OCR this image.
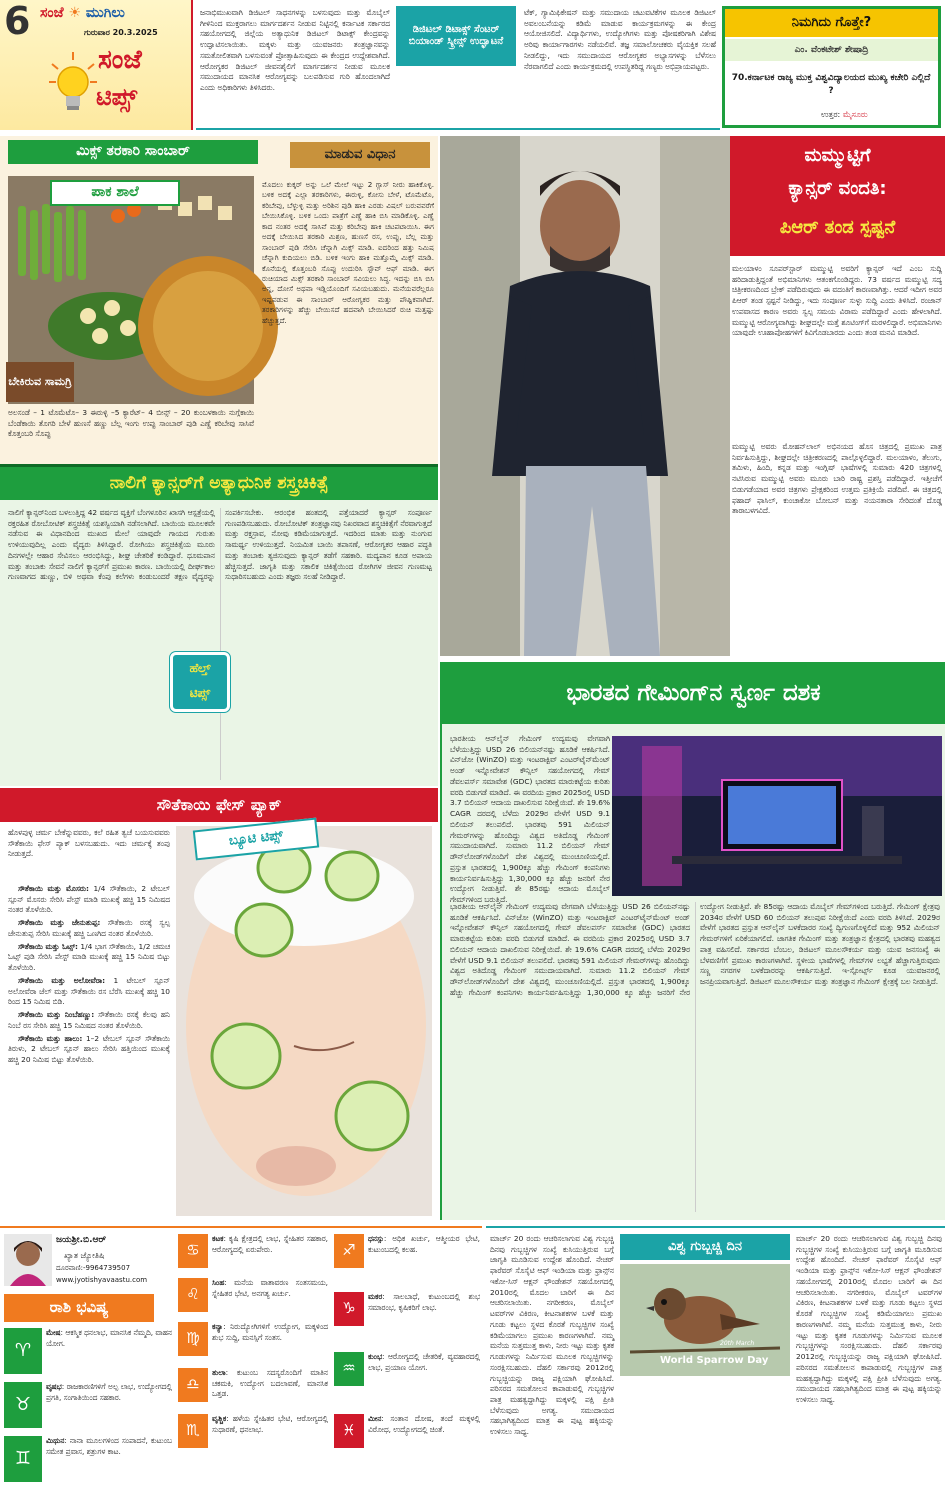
6 ಸಂಜೆ ☀ ಮುಗಿಲು
ಗುರುವಾರ 20.3.2025
ಸಂಜೆ
ಟಿಪ್ಸ್
ಜನಾಭಿಮುಖವಾಗಿ ಡಿಜಿಟಲ್ ಸಾಧನಗಳನ್ನು ಬಳಸುವುದು ಮತ್ತು ಮೊಬೈಲ್ ಗೀಳಿನಿಂದ ಮುಕ್ತರಾಗಲು ಮಾರ್ಗದರ್ಶನ ನೀಡುವ ನಿಟ್ಟಿನಲ್ಲಿ ಕರ್ನಾಟಕ ಸರ್ಕಾರದ ಸಹಯೋಗದಲ್ಲಿ ಜಿಲ್ಲೆಯ ಅತ್ಯಾಧುನಿಕ ಡಿಜಿಟಲ್ ಡಿಟಾಕ್ಸ್ ಕೇಂದ್ರವನ್ನು ಉದ್ಘಾಟಿಸಲಾಯಿತು. ಮಕ್ಕಳು ಮತ್ತು ಯುವಜನರು ತಂತ್ರಜ್ಞಾನವನ್ನು ಸಮತೋಲಿತವಾಗಿ ಬಳಸುವಂತೆ ಪ್ರೋತ್ಸಾಹಿಸುವುದು ಈ ಕೇಂದ್ರದ ಉದ್ದೇಶವಾಗಿದೆ. ಆರೋಗ್ಯಕರ ಡಿಜಿಟಲ್ ಜೀವನಶೈಲಿಗೆ ಮಾರ್ಗದರ್ಶನ ನೀಡುವ ಮೂಲಕ ಸಮುದಾಯದ ಮಾನಸಿಕ ಆರೋಗ್ಯವನ್ನು ಬಲಪಡಿಸುವ ಗುರಿ ಹೊಂದಲಾಗಿದೆ ಎಂದು ಅಧಿಕಾರಿಗಳು ತಿಳಿಸಿದರು.
ಡಿಜಿಟಲ್ ಡಿಟಾಕ್ಸ್ ಸೆಂಟರ್ ಬಿಯಾಂಡ್ ಸ್ಕ್ರೀನ್ಸ್ ಉದ್ಘಾಟನೆ
ಟೆಕ್, ಗ್ಯಾಮಿಫಿಕೇಷನ್ ಮತ್ತು ಸಮುದಾಯ ಚಟುವಟಿಕೆಗಳ ಮೂಲಕ ಡಿಜಿಟಲ್ ಅವಲಂಬನೆಯನ್ನು ಕಡಿಮೆ ಮಾಡುವ ಕಾರ್ಯಕ್ರಮಗಳನ್ನು ಈ ಕೇಂದ್ರ ಆಯೋಜಿಸಲಿದೆ. ವಿದ್ಯಾರ್ಥಿಗಳು, ಉದ್ಯೋಗಿಗಳು ಮತ್ತು ಪೋಷಕರಿಗಾಗಿ ವಿಶೇಷ ಅರಿವು ಕಾರ್ಯಾಗಾರಗಳು ನಡೆಯಲಿವೆ. ತಜ್ಞ ಸಮಾಲೋಚಕರು ವೈಯಕ್ತಿಕ ಸಲಹೆ ನೀಡಲಿದ್ದು, ಇದು ಸಮುದಾಯದ ಆರೋಗ್ಯಕರ ಅಭ್ಯಾಸಗಳನ್ನು ಬೆಳೆಸಲು ನೆರವಾಗಲಿದೆ ಎಂದು ಕಾರ್ಯಕ್ರಮದಲ್ಲಿ ಉಪಸ್ಥಿತರಿದ್ದ ಗಣ್ಯರು ಅಭಿಪ್ರಾಯಪಟ್ಟರು.
ನಿಮಗಿದು ಗೊತ್ತೇ?
ಎಂ. ವೆಂಕಟೇಶ್ ಶೇಷಾದ್ರಿ
70.ಕರ್ನಾಟಕ ರಾಜ್ಯ ಮುಕ್ತ ವಿಶ್ವವಿದ್ಯಾಲಯದ ಮುಖ್ಯ ಕಚೇರಿ ಎಲ್ಲಿದೆ ?
ಉತ್ತರ: ಮೈಸೂರು
ಮಿಕ್ಸ್ ತರಕಾರಿ ಸಾಂಬಾರ್	ಮಾಡುವ ವಿಧಾನ
ಪಾಕ ಶಾಲೆ
ಬೇಕಿರುವ ಸಾಮಗ್ರಿ
ಮೊದಲು ಕುಕ್ಕರ್ ಅನ್ನು ಒಲೆ ಮೇಲೆ ಇಟ್ಟು 2 ಗ್ಲಾಸ್ ನೀರು ಹಾಕಿಕೊಳ್ಳಿ. ಬಳಿಕ ಅದಕ್ಕೆ ಎಲ್ಲಾ ತರಕಾರಿಗಳು, ಈರುಳ್ಳಿ, ಕೋಸು ಬೇಳೆ, ಟೊಮೆಟೊ, ಕರಿಬೇವು, ಬೆಳ್ಳುಳ್ಳಿ ಮತ್ತು ಅರಿಶಿನ ಪುಡಿ ಹಾಕಿ ಎರಡು ವಿಷಲ್ ಬರುವವರೆಗೆ ಬೇಯಿಸಿಕೊಳ್ಳಿ. ಬಳಿಕ ಒಂದು ಪಾತ್ರೆಗೆ ಎಣ್ಣೆ ಹಾಕಿ ಬಿಸಿ ಮಾಡಿಕೊಳ್ಳಿ. ಎಣ್ಣೆ ಕಾದ ನಂತರ ಅದಕ್ಕೆ ಸಾಸಿವೆ ಮತ್ತು ಕರಿಬೇವು ಹಾಕಿ ಚಟಪಟಾಯಿಸಿ. ಈಗ ಅದಕ್ಕೆ ಬೇಯಿಸಿದ ತರಕಾರಿ ಮಿಶ್ರಣ, ಹುಣಸೆ ರಸ, ಉಪ್ಪು, ಬೆಲ್ಲ ಮತ್ತು ಸಾಂಬಾರ್ ಪುಡಿ ಸೇರಿಸಿ ಚೆನ್ನಾಗಿ ಮಿಕ್ಸ್ ಮಾಡಿ. ಐದರಿಂದ ಹತ್ತು ನಿಮಿಷ ಚೆನ್ನಾಗಿ ಕುದಿಯಲು ಬಿಡಿ. ಬಳಿಕ ಇಂಗು ಹಾಕಿ ಮತ್ತೊಮ್ಮೆ ಮಿಕ್ಸ್ ಮಾಡಿ. ಕೊನೆಯಲ್ಲಿ ಕೊತ್ತಂಬರಿ ಸೊಪ್ಪು ಉದುರಿಸಿ ಸ್ಟೌವ್ ಆಫ್ ಮಾಡಿ. ಈಗ ರುಚಿಯಾದ ಮಿಕ್ಸ್ ತರಕಾರಿ ಸಾಂಬಾರ್ ಸವಿಯಲು ಸಿದ್ಧ. ಇದನ್ನು ಬಿಸಿ ಬಿಸಿ ಅನ್ನ, ದೋಸೆ ಅಥವಾ ಇಡ್ಲಿಯೊಂದಿಗೆ ಸವಿಯಬಹುದು. ಮನೆಯವರೆಲ್ಲರೂ ಇಷ್ಟಪಡುವ ಈ ಸಾಂಬಾರ್ ಆರೋಗ್ಯಕರ ಮತ್ತು ಪೌಷ್ಟಿಕವಾಗಿದೆ. ತರಕಾರಿಗಳನ್ನು ಹೆಚ್ಚು ಬೇಯಿಸದೆ ಹದವಾಗಿ ಬೇಯಿಸಿದರೆ ರುಚಿ ಮತ್ತಷ್ಟು ಹೆಚ್ಚುತ್ತದೆ.
ಅಲಸಂಡೆ – 1 ಟೊಮೆಟೊ– 3 ಈರುಳ್ಳಿ –5 ಕ್ಯಾರೆಟ್– 4 ಬೀನ್ಸ್ – 20 ಕುಂಬಳಕಾಯಿ ನುಗ್ಗೆಕಾಯಿ ಬೆಂಡೆಕಾಯಿ ತೊಗರಿ ಬೇಳೆ ಹುಣಸೆ ಹಣ್ಣು ಬೆಲ್ಲ ಇಂಗು ಉಪ್ಪು ಸಾಂಬಾರ್ ಪುಡಿ ಎಣ್ಣೆ ಕರಿಬೇವು ಸಾಸಿವೆ ಕೊತ್ತಂಬರಿ ಸೊಪ್ಪು
ನಾಲಿಗೆ ಕ್ಯಾನ್ಸರ್‌ಗೆ ಅತ್ಯಾಧುನಿಕ ಶಸ್ತ್ರಚಿಕಿತ್ಸೆ
ನಾಲಿಗೆ ಕ್ಯಾನ್ಸರ್‌ನಿಂದ ಬಳಲುತ್ತಿದ್ದ 42 ವರ್ಷದ ವ್ಯಕ್ತಿಗೆ ಬೆಂಗಳೂರಿನ ಖಾಸಗಿ ಆಸ್ಪತ್ರೆಯಲ್ಲಿ ರಕ್ತರಹಿತ ರೋಬೋಟಿಕ್ ಶಸ್ತ್ರಚಿಕಿತ್ಸೆ ಯಶಸ್ವಿಯಾಗಿ ನಡೆಸಲಾಗಿದೆ. ಬಾಯಿಯ ಮೂಲಕವೇ ನಡೆಸುವ ಈ ವಿಧಾನದಿಂದ ಮುಖದ ಮೇಲೆ ಯಾವುದೇ ಗಾಯದ ಗುರುತು ಉಳಿಯುವುದಿಲ್ಲ ಎಂದು ವೈದ್ಯರು ತಿಳಿಸಿದ್ದಾರೆ. ರೋಗಿಯು ಶಸ್ತ್ರಚಿಕಿತ್ಸೆಯ ಮೂರು ದಿನಗಳಲ್ಲೇ ಆಹಾರ ಸೇವಿಸಲು ಆರಂಭಿಸಿದ್ದು, ಶೀಘ್ರ ಚೇತರಿಕೆ ಕಂಡಿದ್ದಾರೆ. ಧೂಮಪಾನ ಮತ್ತು ತಂಬಾಕು ಸೇವನೆ ನಾಲಿಗೆ ಕ್ಯಾನ್ಸರ್‌ಗೆ ಪ್ರಮುಖ ಕಾರಣ. ಬಾಯಿಯಲ್ಲಿ ದೀರ್ಘಕಾಲ ಗುಣವಾಗದ ಹುಣ್ಣು, ಬಿಳಿ ಅಥವಾ ಕೆಂಪು ಕಲೆಗಳು ಕಂಡುಬಂದರೆ ತಕ್ಷಣ ವೈದ್ಯರನ್ನು ಸಂಪರ್ಕಿಸಬೇಕು. ಆರಂಭಿಕ ಹಂತದಲ್ಲಿ ಪತ್ತೆಯಾದರೆ ಕ್ಯಾನ್ಸರ್ ಸಂಪೂರ್ಣ ಗುಣಪಡಿಸಬಹುದು. ರೋಬೋಟಿಕ್ ತಂತ್ರಜ್ಞಾನವು ನಿಖರವಾದ ಶಸ್ತ್ರಚಿಕಿತ್ಸೆಗೆ ನೆರವಾಗುತ್ತದೆ ಮತ್ತು ರಕ್ತಸ್ರಾವ, ನೋವು ಕಡಿಮೆಯಾಗುತ್ತದೆ. ಇದರಿಂದ ಮಾತು ಮತ್ತು ನುಂಗುವ ಸಾಮರ್ಥ್ಯ ಉಳಿಯುತ್ತದೆ. ನಿಯಮಿತ ಬಾಯಿ ತಪಾಸಣೆ, ಆರೋಗ್ಯಕರ ಆಹಾರ ಪದ್ಧತಿ ಮತ್ತು ತಂಬಾಕು ತ್ಯಜಿಸುವುದು ಕ್ಯಾನ್ಸರ್ ತಡೆಗೆ ಸಹಕಾರಿ. ಮದ್ಯಪಾನ ಕೂಡ ಅಪಾಯ ಹೆಚ್ಚಿಸುತ್ತದೆ. ಜಾಗೃತಿ ಮತ್ತು ಸಕಾಲಿಕ ಚಿಕಿತ್ಸೆಯಿಂದ ರೋಗಿಗಳ ಜೀವನ ಗುಣಮಟ್ಟ ಸುಧಾರಿಸಬಹುದು ಎಂದು ತಜ್ಞರು ಸಲಹೆ ನೀಡಿದ್ದಾರೆ.
ಹೆಲ್ತ್
ಟಿಪ್ಸ್
ಸೌತೆಕಾಯಿ ಫೇಸ್ ಪ್ಯಾಕ್
ಹೊಳಪುಳ್ಳ ಚರ್ಮ ಬೇಕೆನ್ನುವವರು, ಕಲೆ ರಹಿತ ತ್ವಚೆ ಬಯಸುವವರು ಸೌತೆಕಾಯಿ ಫೇಸ್ ಪ್ಯಾಕ್ ಬಳಸಬಹುದು. ಇದು ಚರ್ಮಕ್ಕೆ ತಂಪು ನೀಡುತ್ತದೆ.

ಸೌತೆಕಾಯಿ ಮತ್ತು ಮೊಸರು: 1/4 ಸೌತೆಕಾಯಿ, 2 ಟೇಬಲ್ ಸ್ಪೂನ್ ಮೊಸರು ಸೇರಿಸಿ ಪೇಸ್ಟ್ ಮಾಡಿ ಮುಖಕ್ಕೆ ಹಚ್ಚಿ 15 ನಿಮಿಷದ ನಂತರ ತೊಳೆಯಿರಿ.

ಸೌತೆಕಾಯಿ ಮತ್ತು ಜೇನುತುಪ್ಪ: ಸೌತೆಕಾಯಿ ರಸಕ್ಕೆ ಸ್ವಲ್ಪ ಜೇನುತುಪ್ಪ ಸೇರಿಸಿ ಮುಖಕ್ಕೆ ಹಚ್ಚಿ ಒಣಗಿದ ನಂತರ ತೊಳೆಯಿರಿ.

ಸೌತೆಕಾಯಿ ಮತ್ತು ಓಟ್ಸ್: 1/4 ಭಾಗ ಸೌತೆಕಾಯಿ, 1/2 ಚಮಚ ಓಟ್ಸ್ ಪುಡಿ ಸೇರಿಸಿ ಪೇಸ್ಟ್ ಮಾಡಿ ಮುಖಕ್ಕೆ ಹಚ್ಚಿ 15 ನಿಮಿಷ ಬಿಟ್ಟು ತೊಳೆಯಿರಿ.

ಸೌತೆಕಾಯಿ ಮತ್ತು ಅಲೋವೆರಾ: 1 ಟೇಬಲ್ ಸ್ಪೂನ್ ಅಲೋವೆರಾ ಜೆಲ್ ಮತ್ತು ಸೌತೆಕಾಯಿ ರಸ ಬೆರೆಸಿ ಮುಖಕ್ಕೆ ಹಚ್ಚಿ 10 ರಿಂದ 15 ನಿಮಿಷ ಬಿಡಿ.

ಸೌತೆಕಾಯಿ ಮತ್ತು ನಿಂಬೆಹಣ್ಣು: ಸೌತೆಕಾಯಿ ರಸಕ್ಕೆ ಕೆಲವು ಹನಿ ನಿಂಬೆ ರಸ ಸೇರಿಸಿ ಹಚ್ಚಿ 15 ನಿಮಿಷದ ನಂತರ ತೊಳೆಯಿರಿ.

ಸೌತೆಕಾಯಿ ಮತ್ತು ಹಾಲು: 1–2 ಟೇಬಲ್ ಸ್ಪೂನ್ ಸೌತೆಕಾಯಿ ತಿರುಳು, 2 ಟೇಬಲ್ ಸ್ಪೂನ್ ಹಾಲು ಸೇರಿಸಿ ಹತ್ತಿಯಿಂದ ಮುಖಕ್ಕೆ ಹಚ್ಚಿ 20 ನಿಮಿಷ ಬಿಟ್ಟು ತೊಳೆಯಿರಿ.

ಬ್ಯೂಟಿ ಟಿಪ್ಸ್
ಮಮ್ಮುಟ್ಟಿಗೆ
ಕ್ಯಾನ್ಸರ್ ವಂದತಿ:
ಪಿಆರ್ ತಂಡ ಸ್ಪಷ್ಟನೆ
ಮಲಯಾಳಂ ಸೂಪರ್‌ಸ್ಟಾರ್ ಮಮ್ಮುಟ್ಟಿ ಅವರಿಗೆ ಕ್ಯಾನ್ಸರ್ ಇದೆ ಎಂಬ ಸುದ್ದಿ ಹರಿದಾಡುತ್ತಿದ್ದಂತೆ ಅಭಿಮಾನಿಗಳು ಆತಂಕಗೊಂಡಿದ್ದರು. 73 ವರ್ಷದ ಮಮ್ಮುಟ್ಟಿ ಸದ್ಯ ಚಿತ್ರೀಕರಣದಿಂದ ಬ್ರೇಕ್ ಪಡೆದಿರುವುದು ಈ ವದಂತಿಗೆ ಕಾರಣವಾಗಿತ್ತು. ಆದರೆ ಇದೀಗ ಅವರ ಪಿಆರ್ ತಂಡ ಸ್ಪಷ್ಟನೆ ನೀಡಿದ್ದು, ಇದು ಸಂಪೂರ್ಣ ಸುಳ್ಳು ಸುದ್ದಿ ಎಂದು ತಿಳಿಸಿದೆ. ರಂಜಾನ್ ಉಪವಾಸದ ಕಾರಣ ಅವರು ಸ್ವಲ್ಪ ಸಮಯ ವಿರಾಮ ಪಡೆದಿದ್ದಾರೆ ಎಂದು ಹೇಳಲಾಗಿದೆ. ಮಮ್ಮುಟ್ಟಿ ಆರೋಗ್ಯವಾಗಿದ್ದು ಶೀಘ್ರದಲ್ಲೇ ಮತ್ತೆ ಶೂಟಿಂಗ್‌ಗೆ ಮರಳಲಿದ್ದಾರೆ. ಅಭಿಮಾನಿಗಳು ಯಾವುದೇ ಊಹಾಪೋಹಗಳಿಗೆ ಕಿವಿಗೊಡಬಾರದು ಎಂದು ತಂಡ ಮನವಿ ಮಾಡಿದೆ.
ಮಮ್ಮುಟ್ಟಿ ಅವರು ಮೋಹನ್‌ಲಾಲ್ ಅಭಿನಯದ ಹೊಸ ಚಿತ್ರದಲ್ಲಿ ಪ್ರಮುಖ ಪಾತ್ರ ನಿರ್ವಹಿಸುತ್ತಿದ್ದು, ಶೀಘ್ರದಲ್ಲೇ ಚಿತ್ರೀಕರಣದಲ್ಲಿ ಪಾಲ್ಗೊಳ್ಳಲಿದ್ದಾರೆ. ಮಲಯಾಳಂ, ತೆಲುಗು, ತಮಿಳು, ಹಿಂದಿ, ಕನ್ನಡ ಮತ್ತು ಇಂಗ್ಲಿಷ್ ಭಾಷೆಗಳಲ್ಲಿ ಸುಮಾರು 420 ಚಿತ್ರಗಳಲ್ಲಿ ನಟಿಸಿರುವ ಮಮ್ಮುಟ್ಟಿ ಅವರು ಮೂರು ಬಾರಿ ರಾಷ್ಟ್ರ ಪ್ರಶಸ್ತಿ ಪಡೆದಿದ್ದಾರೆ. ಇತ್ತೀಚೆಗೆ ಬಿಡುಗಡೆಯಾದ ಅವರ ಚಿತ್ರಗಳು ಪ್ರೇಕ್ಷಕರಿಂದ ಉತ್ತಮ ಪ್ರತಿಕ್ರಿಯೆ ಪಡೆದಿವೆ. ಈ ಚಿತ್ರದಲ್ಲಿ ಫಹಾದ್ ಫಾಸಿಲ್, ಕುಂಚಾಕೋ ಬೋಬನ್ ಮತ್ತು ನಯನತಾರಾ ಸೇರಿದಂತೆ ದೊಡ್ಡ ತಾರಾಬಳಗವಿದೆ.
ಭಾರತದ ಗೇಮಿಂಗ್‌ನ ಸ್ವರ್ಣ ದಶಕ
ಭಾರತೀಯ ಆನ್‌ಲೈನ್ ಗೇಮಿಂಗ್ ಉದ್ಯಮವು ವೇಗವಾಗಿ ಬೆಳೆಯುತ್ತಿದ್ದು USD 26 ಬಿಲಿಯನ್‌ನಷ್ಟು ಹೂಡಿಕೆ ಆಕರ್ಷಿಸಿದೆ. ವಿನ್‌ಜೋ (WinZO) ಮತ್ತು ಇಂಟರಾಕ್ಟಿವ್ ಎಂಟರ್‌ಟೈನ್‌ಮೆಂಟ್ ಅಂಡ್ ಇನ್ನೋವೇಶನ್ ಕೌನ್ಸಿಲ್ ಸಹಯೋಗದಲ್ಲಿ ಗೇಮ್ ಡೆವಲಪರ್ಸ್ ಸಮಾವೇಶ (GDC) ಭಾರತದ ಮಾರುಕಟ್ಟೆಯ ಕುರಿತು ವರದಿ ಬಿಡುಗಡೆ ಮಾಡಿದೆ. ಈ ವರದಿಯ ಪ್ರಕಾರ 2025ರಲ್ಲಿ USD 3.7 ಬಿಲಿಯನ್ ಆದಾಯ ದಾಖಲಿಸುವ ನಿರೀಕ್ಷೆಯಿದೆ. ಶೇ 19.6% CAGR ದರದಲ್ಲಿ ಬೆಳೆದು 2029ರ ವೇಳೆಗೆ USD 9.1 ಬಿಲಿಯನ್ ತಲುಪಲಿದೆ. ಭಾರತವು 591 ಮಿಲಿಯನ್ ಗೇಮರ್‌ಗಳನ್ನು ಹೊಂದಿದ್ದು ವಿಶ್ವದ ಅತಿದೊಡ್ಡ ಗೇಮಿಂಗ್ ಸಮುದಾಯವಾಗಿದೆ. ಸುಮಾರು 11.2 ಬಿಲಿಯನ್ ಗೇಮ್ ಡೌನ್‌ಲೋಡ್‌ಗಳೊಂದಿಗೆ ದೇಶ ವಿಶ್ವದಲ್ಲಿ ಮುಂಚೂಣಿಯಲ್ಲಿದೆ. ಪ್ರಸ್ತುತ ಭಾರತದಲ್ಲಿ 1,900ಕ್ಕೂ ಹೆಚ್ಚು ಗೇಮಿಂಗ್ ಕಂಪನಿಗಳು ಕಾರ್ಯನಿರ್ವಹಿಸುತ್ತಿದ್ದು 1,30,000 ಕ್ಕೂ ಹೆಚ್ಚು ಜನರಿಗೆ ನೇರ ಉದ್ಯೋಗ ನೀಡುತ್ತಿವೆ. ಶೇ 85ರಷ್ಟು ಆದಾಯ ಮೊಬೈಲ್ ಗೇಮ್‌ಗಳಿಂದ ಬರುತ್ತಿದೆ.
ಭಾರತೀಯ ಆನ್‌ಲೈನ್ ಗೇಮಿಂಗ್ ಉದ್ಯಮವು ವೇಗವಾಗಿ ಬೆಳೆಯುತ್ತಿದ್ದು USD 26 ಬಿಲಿಯನ್‌ನಷ್ಟು ಹೂಡಿಕೆ ಆಕರ್ಷಿಸಿದೆ. ವಿನ್‌ಜೋ (WinZO) ಮತ್ತು ಇಂಟರಾಕ್ಟಿವ್ ಎಂಟರ್‌ಟೈನ್‌ಮೆಂಟ್ ಅಂಡ್ ಇನ್ನೋವೇಶನ್ ಕೌನ್ಸಿಲ್ ಸಹಯೋಗದಲ್ಲಿ ಗೇಮ್ ಡೆವಲಪರ್ಸ್ ಸಮಾವೇಶ (GDC) ಭಾರತದ ಮಾರುಕಟ್ಟೆಯ ಕುರಿತು ವರದಿ ಬಿಡುಗಡೆ ಮಾಡಿದೆ. ಈ ವರದಿಯ ಪ್ರಕಾರ 2025ರಲ್ಲಿ USD 3.7 ಬಿಲಿಯನ್ ಆದಾಯ ದಾಖಲಿಸುವ ನಿರೀಕ್ಷೆಯಿದೆ. ಶೇ 19.6% CAGR ದರದಲ್ಲಿ ಬೆಳೆದು 2029ರ ವೇಳೆಗೆ USD 9.1 ಬಿಲಿಯನ್ ತಲುಪಲಿದೆ. ಭಾರತವು 591 ಮಿಲಿಯನ್ ಗೇಮರ್‌ಗಳನ್ನು ಹೊಂದಿದ್ದು ವಿಶ್ವದ ಅತಿದೊಡ್ಡ ಗೇಮಿಂಗ್ ಸಮುದಾಯವಾಗಿದೆ. ಸುಮಾರು 11.2 ಬಿಲಿಯನ್ ಗೇಮ್ ಡೌನ್‌ಲೋಡ್‌ಗಳೊಂದಿಗೆ ದೇಶ ವಿಶ್ವದಲ್ಲಿ ಮುಂಚೂಣಿಯಲ್ಲಿದೆ. ಪ್ರಸ್ತುತ ಭಾರತದಲ್ಲಿ 1,900ಕ್ಕೂ ಹೆಚ್ಚು ಗೇಮಿಂಗ್ ಕಂಪನಿಗಳು ಕಾರ್ಯನಿರ್ವಹಿಸುತ್ತಿದ್ದು 1,30,000 ಕ್ಕೂ ಹೆಚ್ಚು ಜನರಿಗೆ ನೇರ ಉದ್ಯೋಗ ನೀಡುತ್ತಿವೆ. ಶೇ 85ರಷ್ಟು ಆದಾಯ ಮೊಬೈಲ್ ಗೇಮ್‌ಗಳಿಂದ ಬರುತ್ತಿದೆ. ಗೇಮಿಂಗ್ ಕ್ಷೇತ್ರವು 2034ರ ವೇಳೆಗೆ USD 60 ಬಿಲಿಯನ್ ತಲುಪುವ ನಿರೀಕ್ಷೆಯಿದೆ ಎಂದು ವರದಿ ತಿಳಿಸಿದೆ. 2029ರ ವೇಳೆಗೆ ಭಾರತದ ಪ್ರಸ್ತುತ ಆನ್‌ಲೈನ್ ಬಳಕೆದಾರರ ಸಂಖ್ಯೆ ದ್ವಿಗುಣಗೊಳ್ಳಲಿದೆ ಮತ್ತು 952 ಮಿಲಿಯನ್ ಗೇಮರ್‌ಗಳಿಗೆ ಏರಿಕೆಯಾಗಲಿದೆ. ಜಾಗತಿಕ ಗೇಮಿಂಗ್ ಮತ್ತು ತಂತ್ರಜ್ಞಾನ ಕ್ಷೇತ್ರದಲ್ಲಿ ಭಾರತವು ಮಹತ್ವದ ಪಾತ್ರ ವಹಿಸಲಿದೆ. ಸರ್ಕಾರದ ಬೆಂಬಲ, ಡಿಜಿಟಲ್ ಮೂಲಸೌಕರ್ಯ ಮತ್ತು ಯುವ ಜನಸಂಖ್ಯೆ ಈ ಬೆಳವಣಿಗೆಗೆ ಪ್ರಮುಖ ಕಾರಣಗಳಾಗಿವೆ. ಸ್ಥಳೀಯ ಭಾಷೆಗಳಲ್ಲಿ ಗೇಮ್‌ಗಳ ಲಭ್ಯತೆ ಹೆಚ್ಚಾಗುತ್ತಿರುವುದು ಸಣ್ಣ ನಗರಗಳ ಬಳಕೆದಾರರನ್ನು ಆಕರ್ಷಿಸುತ್ತಿದೆ. ಇ-ಸ್ಪೋರ್ಟ್ಸ್ ಕೂಡ ಯುವಜನರಲ್ಲಿ ಜನಪ್ರಿಯವಾಗುತ್ತಿದೆ. ಡಿಜಿಟಲ್ ಮೂಲಸೌಕರ್ಯ ಮತ್ತು ತಂತ್ರಜ್ಞಾನ ಗೇಮಿಂಗ್ ಕ್ಷೇತ್ರಕ್ಕೆ ಬಲ ನೀಡುತ್ತಿದೆ.
ಜಯಶ್ರೀ.ಬಿ.ಆರ್
ಖ್ಯಾತ ಜ್ಯೋತಿಷಿ
ದೂರವಾಣಿ:-9964739507
www.jyotishyavaastu.com
ರಾಶಿ ಭವಿಷ್ಯ
♈
ಮೇಷ: ಆಕಸ್ಮಿಕ ಧನಲಾಭ, ಮಾನಸಿಕ ನೆಮ್ಮದಿ, ವಾಹನ ಯೋಗ.
♉
ವೃಷಭ: ರಾಜಕಾರಣಿಗಳಿಗೆ ಅಲ್ಪ ಲಾಭ, ಉದ್ಯೋಗದಲ್ಲಿ ಪ್ರಗತಿ, ಸಂಗಾತಿಯಿಂದ ಸಹಕಾರ.
♊
ಮಿಥುನ: ನಾನಾ ಮೂಲಗಳಿಂದ ಸಂಪಾದನೆ, ಕುಟುಂಬ ಸಮೇತ ಪ್ರವಾಸ, ಶತ್ರುಗಳ ಕಾಟ.
♋
ಕಟಕ: ಕೃಷಿ ಕ್ಷೇತ್ರದಲ್ಲಿ ಲಾಭ, ಸ್ನೇಹಿತರ ಸಹಕಾರ, ಆರೋಗ್ಯದಲ್ಲಿ ಏರುಪೇರು.
♌
ಸಿಂಹ: ಮನೆಯ ವಾತಾವರಣ ಸಂತಸಮಯ, ಸ್ನೇಹಿತರ ಭೇಟಿ, ಅನಗತ್ಯ ಖರ್ಚು.
♍
ಕನ್ಯಾ: ನಿರುದ್ಯೋಗಿಗಳಿಗೆ ಉದ್ಯೋಗ, ಮಕ್ಕಳಿಂದ ಶುಭ ಸುದ್ದಿ, ಮನಸ್ಸಿಗೆ ಸಂತಸ.
♎
ತುಲಾ: ಕುಟುಂಬ ಸದಸ್ಯರೊಂದಿಗೆ ಮಾತಿನ ಚಕಮಕಿ, ಉದ್ಯೋಗ ಬದಲಾವಣೆ, ಮಾನಸಿಕ ಒತ್ತಡ.
♏
ವೃಶ್ಚಿಕ: ಹಳೆಯ ಸ್ನೇಹಿತರ ಭೇಟಿ, ಆರೋಗ್ಯದಲ್ಲಿ ಸುಧಾರಣೆ, ಧನಲಾಭ.
♐
ಧನಸ್ಸು: ಅಧಿಕ ಖರ್ಚು, ಆತ್ಮೀಯರ ಭೇಟಿ, ಕುಟುಂಬದಲ್ಲಿ ಕಲಹ.
♑
ಮಕರ: ಸಾಲಬಾಧೆ, ಕುಟುಂಬದಲ್ಲಿ ಶುಭ ಸಮಾರಂಭ, ಕೃಷಿಕರಿಗೆ ಲಾಭ.
♒
ಕುಂಭ: ಆರೋಗ್ಯದಲ್ಲಿ ಚೇತರಿಕೆ, ವ್ಯವಹಾರದಲ್ಲಿ ಲಾಭ, ಪ್ರಯಾಣ ಯೋಗ.
♓
ಮೀನ: ಸಂತಾನ ದೋಷ, ತಂದೆ ಮಕ್ಕಳಲ್ಲಿ ವಿರೋಧ, ಉದ್ಯೋಗದಲ್ಲಿ ಚಿಂತೆ.
ಮಾರ್ಚ್ 20 ರಂದು ಆಚರಿಸಲಾಗುವ ವಿಶ್ವ ಗುಬ್ಬಚ್ಚಿ ದಿನವು ಗುಬ್ಬಚ್ಚಿಗಳ ಸಂಖ್ಯೆ ಕುಸಿಯುತ್ತಿರುವ ಬಗ್ಗೆ ಜಾಗೃತಿ ಮೂಡಿಸುವ ಉದ್ದೇಶ ಹೊಂದಿದೆ. ನೇಚರ್ ಫಾರೆವರ್ ಸೊಸೈಟಿ ಆಫ್ ಇಂಡಿಯಾ ಮತ್ತು ಫ್ರಾನ್ಸ್‌ನ ಇಕೋ-ಸಿಸ್ ಆಕ್ಷನ್ ಫೌಂಡೇಶನ್ ಸಹಯೋಗದಲ್ಲಿ 2010ರಲ್ಲಿ ಮೊದಲ ಬಾರಿಗೆ ಈ ದಿನ ಆಚರಿಸಲಾಯಿತು. ನಗರೀಕರಣ, ಮೊಬೈಲ್ ಟವರ್‌ಗಳ ವಿಕಿರಣ, ಕೀಟನಾಶಕಗಳ ಬಳಕೆ ಮತ್ತು ಗೂಡು ಕಟ್ಟಲು ಸ್ಥಳದ ಕೊರತೆ ಗುಬ್ಬಚ್ಚಿಗಳ ಸಂಖ್ಯೆ ಕಡಿಮೆಯಾಗಲು ಪ್ರಮುಖ ಕಾರಣಗಳಾಗಿವೆ. ನಮ್ಮ ಮನೆಯ ಸುತ್ತಮುತ್ತ ಕಾಳು, ನೀರು ಇಟ್ಟು ಮತ್ತು ಕೃತಕ ಗೂಡುಗಳನ್ನು ನಿರ್ಮಿಸುವ ಮೂಲಕ ಗುಬ್ಬಚ್ಚಿಗಳನ್ನು ಸಂರಕ್ಷಿಸಬಹುದು. ದೆಹಲಿ ಸರ್ಕಾರವು 2012ರಲ್ಲಿ ಗುಬ್ಬಚ್ಚಿಯನ್ನು ರಾಜ್ಯ ಪಕ್ಷಿಯಾಗಿ ಘೋಷಿಸಿದೆ. ಪರಿಸರದ ಸಮತೋಲನ ಕಾಪಾಡುವಲ್ಲಿ ಗುಬ್ಬಚ್ಚಿಗಳ ಪಾತ್ರ ಮಹತ್ವದ್ದಾಗಿದ್ದು ಮಕ್ಕಳಲ್ಲಿ ಪಕ್ಷಿ ಪ್ರೀತಿ ಬೆಳೆಸುವುದು ಅಗತ್ಯ. ಸಮುದಾಯದ ಸಹಭಾಗಿತ್ವದಿಂದ ಮಾತ್ರ ಈ ಪುಟ್ಟ ಹಕ್ಕಿಯನ್ನು ಉಳಿಸಲು ಸಾಧ್ಯ.
ವಿಶ್ವ ಗುಬ್ಬಚ್ಚಿ ದಿನ
20th March
World Sparrow Day
ಮಾರ್ಚ್ 20 ರಂದು ಆಚರಿಸಲಾಗುವ ವಿಶ್ವ ಗುಬ್ಬಚ್ಚಿ ದಿನವು ಗುಬ್ಬಚ್ಚಿಗಳ ಸಂಖ್ಯೆ ಕುಸಿಯುತ್ತಿರುವ ಬಗ್ಗೆ ಜಾಗೃತಿ ಮೂಡಿಸುವ ಉದ್ದೇಶ ಹೊಂದಿದೆ. ನೇಚರ್ ಫಾರೆವರ್ ಸೊಸೈಟಿ ಆಫ್ ಇಂಡಿಯಾ ಮತ್ತು ಫ್ರಾನ್ಸ್‌ನ ಇಕೋ-ಸಿಸ್ ಆಕ್ಷನ್ ಫೌಂಡೇಶನ್ ಸಹಯೋಗದಲ್ಲಿ 2010ರಲ್ಲಿ ಮೊದಲ ಬಾರಿಗೆ ಈ ದಿನ ಆಚರಿಸಲಾಯಿತು. ನಗರೀಕರಣ, ಮೊಬೈಲ್ ಟವರ್‌ಗಳ ವಿಕಿರಣ, ಕೀಟನಾಶಕಗಳ ಬಳಕೆ ಮತ್ತು ಗೂಡು ಕಟ್ಟಲು ಸ್ಥಳದ ಕೊರತೆ ಗುಬ್ಬಚ್ಚಿಗಳ ಸಂಖ್ಯೆ ಕಡಿಮೆಯಾಗಲು ಪ್ರಮುಖ ಕಾರಣಗಳಾಗಿವೆ. ನಮ್ಮ ಮನೆಯ ಸುತ್ತಮುತ್ತ ಕಾಳು, ನೀರು ಇಟ್ಟು ಮತ್ತು ಕೃತಕ ಗೂಡುಗಳನ್ನು ನಿರ್ಮಿಸುವ ಮೂಲಕ ಗುಬ್ಬಚ್ಚಿಗಳನ್ನು ಸಂರಕ್ಷಿಸಬಹುದು. ದೆಹಲಿ ಸರ್ಕಾರವು 2012ರಲ್ಲಿ ಗುಬ್ಬಚ್ಚಿಯನ್ನು ರಾಜ್ಯ ಪಕ್ಷಿಯಾಗಿ ಘೋಷಿಸಿದೆ. ಪರಿಸರದ ಸಮತೋಲನ ಕಾಪಾಡುವಲ್ಲಿ ಗುಬ್ಬಚ್ಚಿಗಳ ಪಾತ್ರ ಮಹತ್ವದ್ದಾಗಿದ್ದು ಮಕ್ಕಳಲ್ಲಿ ಪಕ್ಷಿ ಪ್ರೀತಿ ಬೆಳೆಸುವುದು ಅಗತ್ಯ. ಸಮುದಾಯದ ಸಹಭಾಗಿತ್ವದಿಂದ ಮಾತ್ರ ಈ ಪುಟ್ಟ ಹಕ್ಕಿಯನ್ನು ಉಳಿಸಲು ಸಾಧ್ಯ.
